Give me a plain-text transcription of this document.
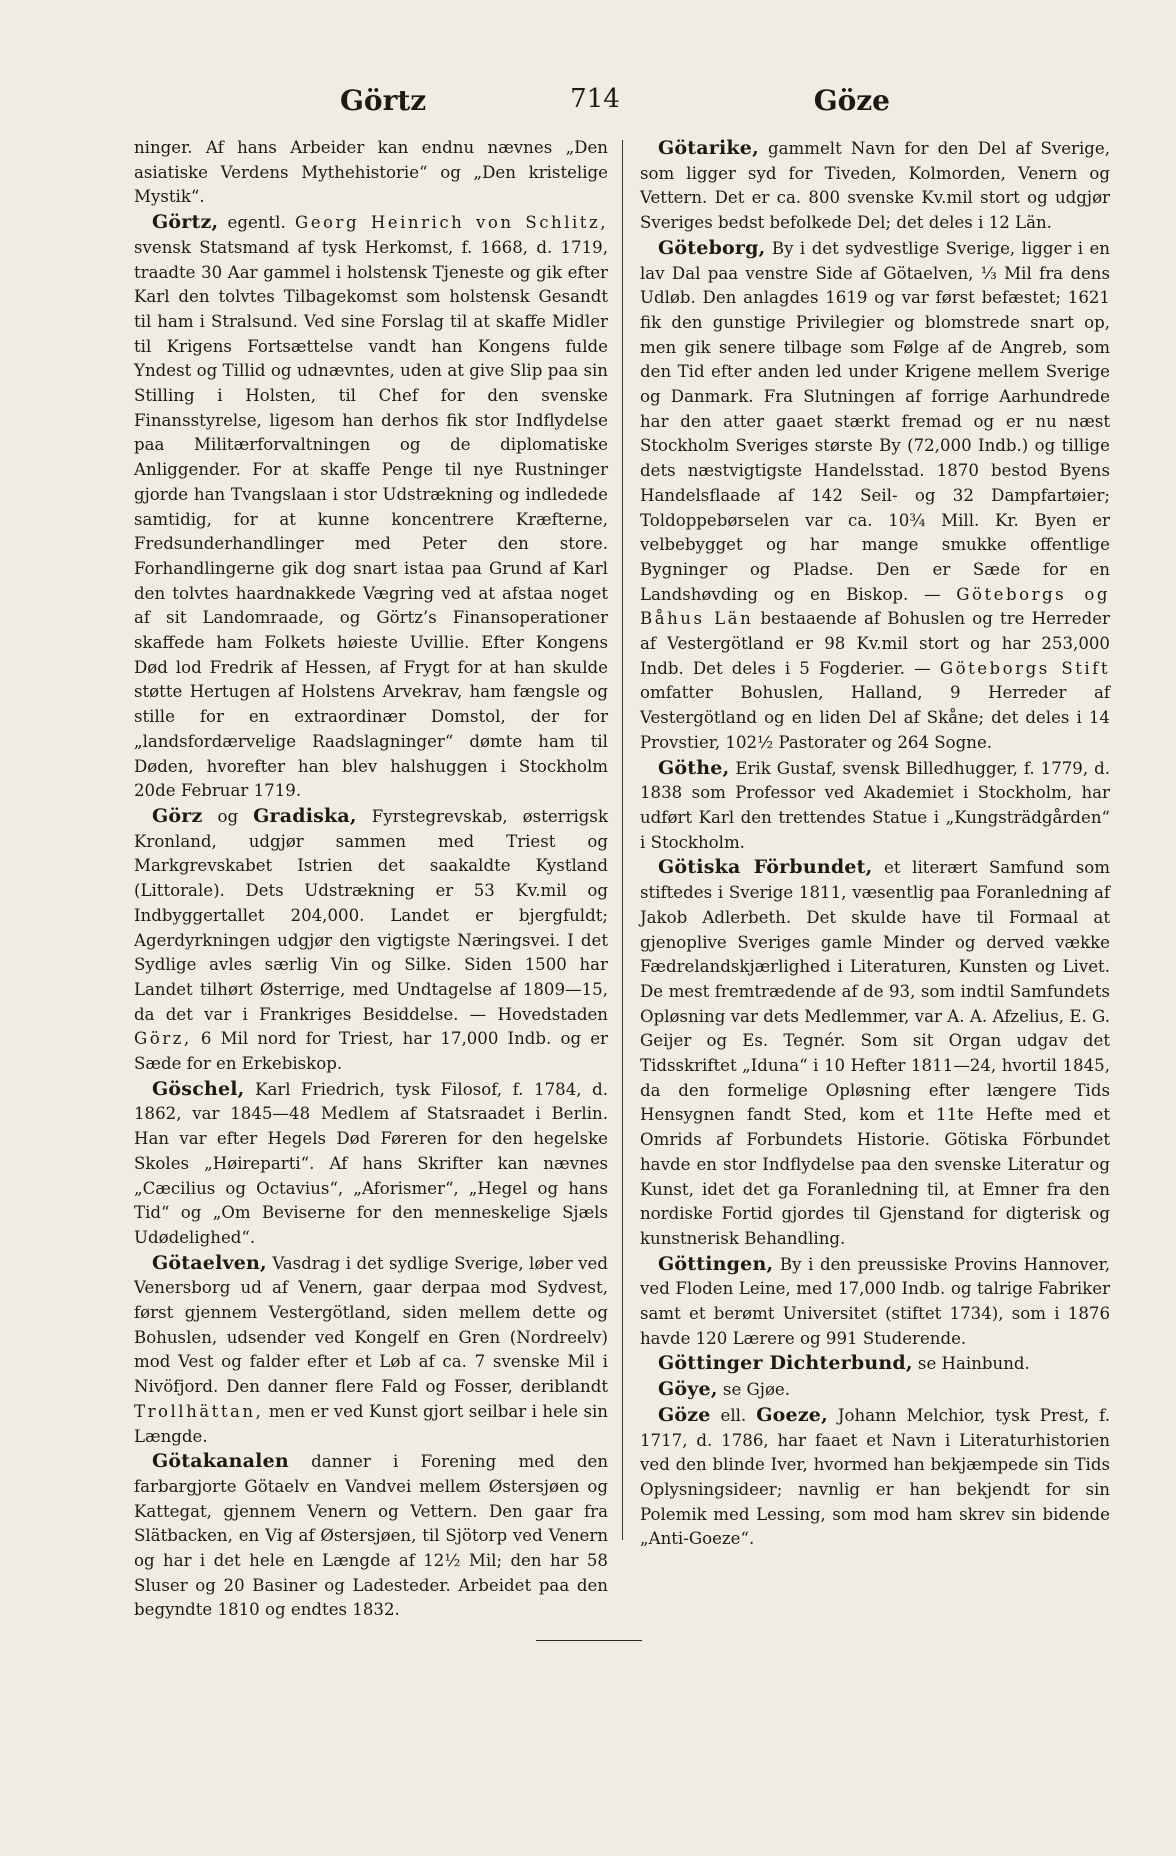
Görtz	714	Göze

ninger. Af hans Arbeider kan endnu nævnes „Den asiatiske Verdens Mythehistorie“ og „Den kristelige Mystik“.

Görtz, egentl. Georg Heinrich von Schlitz, svensk Statsmand af tysk Herkomst, f. 1668, d. 1719, traadte 30 Aar gammel i holstensk Tjeneste og gik efter Karl den tolvtes Tilbagekomst som holstensk Gesandt til ham i Stralsund. Ved sine Forslag til at skaffe Midler til Krigens Fortsættelse vandt han Kongens fulde Yndest og Tillid og udnævntes, uden at give Slip paa sin Stilling i Holsten, til Chef for den svenske Finansstyrelse, ligesom han derhos fik stor Indflydelse paa Militærforvaltningen og de diplomatiske Anliggender. For at skaffe Penge til nye Rustninger gjorde han Tvangslaan i stor Udstrækning og indledede samtidig, for at kunne koncentrere Kræfterne, Fredsunderhandlinger med Peter den store. Forhandlingerne gik dog snart istaa paa Grund af Karl den tolvtes haardnakkede Vægring ved at afstaa noget af sit Landomraade, og Görtz’s Finansoperationer skaffede ham Folkets høieste Uvillie. Efter Kongens Død lod Fredrik af Hessen, af Frygt for at han skulde støtte Hertugen af Holstens Arvekrav, ham fængsle og stille for en extraordinær Domstol, der for „landsfordærvelige Raadslagninger“ dømte ham til Døden, hvorefter han blev halshuggen i Stockholm 20de Februar 1719.

Görz og Gradiska, Fyrstegrevskab, østerrigsk Kronland, udgjør sammen med Triest og Markgrevskabet Istrien det saakaldte Kystland (Littorale). Dets Udstrækning er 53 Kv.mil og Indbyggertallet 204,000. Landet er bjergfuldt; Agerdyrkningen udgjør den vigtigste Næringsvei. I det Sydlige avles særlig Vin og Silke. Siden 1500 har Landet tilhørt Østerrige, med Undtagelse af 1809—15, da det var i Frankriges Besiddelse. — Hovedstaden Görz, 6 Mil nord for Triest, har 17,000 Indb. og er Sæde for en Erkebiskop.

Göschel, Karl Friedrich, tysk Filosof, f. 1784, d. 1862, var 1845—48 Medlem af Statsraadet i Berlin. Han var efter Hegels Død Føreren for den hegelske Skoles „Høireparti“. Af hans Skrifter kan nævnes „Cæcilius og Octavius“, „Aforismer“, „Hegel og hans Tid“ og „Om Beviserne for den menneskelige Sjæls Udødelighed“.

Götaelven, Vasdrag i det sydlige Sverige, løber ved Venersborg ud af Venern, gaar derpaa mod Sydvest, først gjennem Vestergötland, siden mellem dette og Bohuslen, udsender ved Kongelf en Gren (Nordreelv) mod Vest og falder efter et Løb af ca. 7 svenske Mil i Nivöfjord. Den danner flere Fald og Fosser, deriblandt Trollhättan, men er ved Kunst gjort seilbar i hele sin Længde.

Götakanalen danner i Forening med den farbargjorte Götaelv en Vandvei mellem Østersjøen og Kattegat, gjennem Venern og Vettern. Den gaar fra Slätbacken, en Vig af Østersjøen, til Sjötorp ved Venern og har i det hele en Længde af 12½ Mil; den har 58 Sluser og 20 Basiner og Ladesteder. Arbeidet paa den begyndte 1810 og endtes 1832.

Götarike, gammelt Navn for den Del af Sverige, som ligger syd for Tiveden, Kolmorden, Venern og Vettern. Det er ca. 800 svenske Kv.mil stort og udgjør Sveriges bedst befolkede Del; det deles i 12 Län.

Göteborg, By i det sydvestlige Sverige, ligger i en lav Dal paa venstre Side af Götaelven, ⅓ Mil fra dens Udløb. Den anlagdes 1619 og var først befæstet; 1621 fik den gunstige Privilegier og blomstrede snart op, men gik senere tilbage som Følge af de Angreb, som den Tid efter anden led under Krigene mellem Sverige og Danmark. Fra Slutningen af forrige Aarhundrede har den atter gaaet stærkt fremad og er nu næst Stockholm Sveriges største By (72,000 Indb.) og tillige dets næstvigtigste Handelsstad. 1870 bestod Byens Handelsflaade af 142 Seil- og 32 Dampfartøier; Toldoppebørselen var ca. 10¾ Mill. Kr. Byen er velbebygget og har mange smukke offentlige Bygninger og Pladse. Den er Sæde for en Landshøvding og en Biskop. — Göteborgs og Båhus Län bestaaende af Bohuslen og tre Herreder af Vestergötland er 98 Kv.mil stort og har 253,000 Indb. Det deles i 5 Fogderier. — Göteborgs Stift omfatter Bohuslen, Halland, 9 Herreder af Vestergötland og en liden Del af Skåne; det deles i 14 Provstier, 102½ Pastorater og 264 Sogne.

Göthe, Erik Gustaf, svensk Billedhugger, f. 1779, d. 1838 som Professor ved Akademiet i Stockholm, har udført Karl den trettendes Statue i „Kungsträdgården“ i Stockholm.

Götiska Förbundet, et literært Samfund som stiftedes i Sverige 1811, væsentlig paa Foranledning af Jakob Adlerbeth. Det skulde have til Formaal at gjenoplive Sveriges gamle Minder og derved vække Fædrelandskjærlighed i Literaturen, Kunsten og Livet. De mest fremtrædende af de 93, som indtil Samfundets Opløsning var dets Medlemmer, var A. A. Afzelius, E. G. Geijer og Es. Tegnér. Som sit Organ udgav det Tidsskriftet „Iduna“ i 10 Hefter 1811—24, hvortil 1845, da den formelige Opløsning efter længere Tids Hensygnen fandt Sted, kom et 11te Hefte med et Omrids af Forbundets Historie. Götiska Förbundet havde en stor Indflydelse paa den svenske Literatur og Kunst, idet det ga Foranledning til, at Emner fra den nordiske Fortid gjordes til Gjenstand for digterisk og kunstnerisk Behandling.

Göttingen, By i den preussiske Provins Hannover, ved Floden Leine, med 17,000 Indb. og talrige Fabriker samt et berømt Universitet (stiftet 1734), som i 1876 havde 120 Lærere og 991 Studerende.

Göttinger Dichterbund, se Hainbund.

Göye, se Gjøe.

Göze ell. Goeze, Johann Melchior, tysk Prest, f. 1717, d. 1786, har faaet et Navn i Literaturhistorien ved den blinde Iver, hvormed han bekjæmpede sin Tids Oplysningsideer; navnlig er han bekjendt for sin Polemik med Lessing, som mod ham skrev sin bidende „Anti-Goeze“.
